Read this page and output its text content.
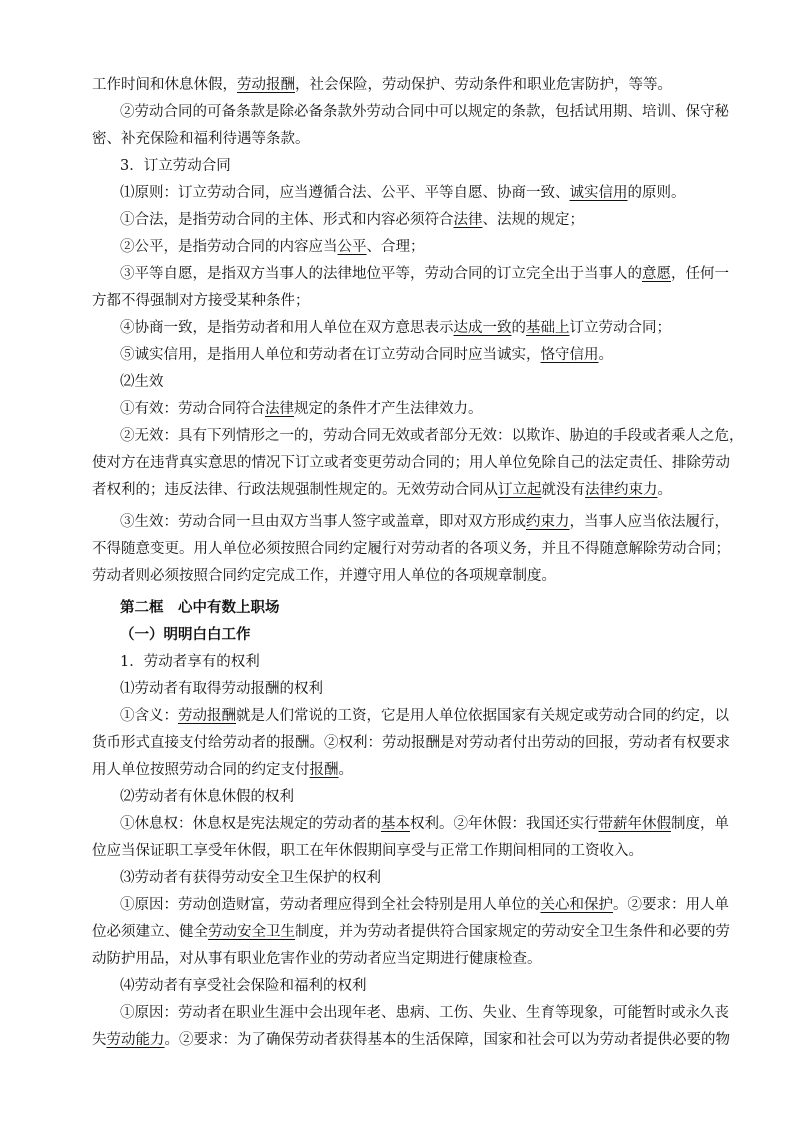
工作时间和休息休假，劳动报酬，社会保险，劳动保护、劳动条件和职业危害防护，等等。
②劳动合同的可备条款是除必备条款外劳动合同中可以规定的条款，包括试用期、培训、保守秘
密、补充保险和福利待遇等条款。
3．订立劳动合同
⑴原则：订立劳动合同，应当遵循合法、公平、平等自愿、协商一致、诚实信用的原则。
①合法，是指劳动合同的主体、形式和内容必须符合法律、法规的规定；
②公平，是指劳动合同的内容应当公平、合理；
③平等自愿，是指双方当事人的法律地位平等，劳动合同的订立完全出于当事人的意愿，任何一
方都不得强制对方接受某种条件；
④协商一致，是指劳动者和用人单位在双方意思表示达成一致的基础上订立劳动合同；
⑤诚实信用，是指用人单位和劳动者在订立劳动合同时应当诚实，恪守信用。
⑵生效
①有效：劳动合同符合法律规定的条件才产生法律效力。
②无效：具有下列情形之一的，劳动合同无效或者部分无效：以欺诈、胁迫的手段或者乘人之危，
使对方在违背真实意思的情况下订立或者变更劳动合同的；用人单位免除自己的法定责任、排除劳动
者权利的；违反法律、行政法规强制性规定的。无效劳动合同从订立起就没有法律约束力。
③生效：劳动合同一旦由双方当事人签字或盖章，即对双方形成约束力，当事人应当依法履行，
不得随意变更。用人单位必须按照合同约定履行对劳动者的各项义务，并且不得随意解除劳动合同；
劳动者则必须按照合同约定完成工作，并遵守用人单位的各项规章制度。
第二框　心中有数上职场
（一）明明白白工作
1．劳动者享有的权利
⑴劳动者有取得劳动报酬的权利
①含义：劳动报酬就是人们常说的工资，它是用人单位依据国家有关规定或劳动合同的约定，以
货币形式直接支付给劳动者的报酬。②权利：劳动报酬是对劳动者付出劳动的回报，劳动者有权要求
用人单位按照劳动合同的约定支付报酬。
⑵劳动者有休息休假的权利
①休息权：休息权是宪法规定的劳动者的基本权利。②年休假：我国还实行带薪年休假制度，单
位应当保证职工享受年休假，职工在年休假期间享受与正常工作期间相同的工资收入。
⑶劳动者有获得劳动安全卫生保护的权利
①原因：劳动创造财富，劳动者理应得到全社会特别是用人单位的关心和保护。②要求：用人单
位必须建立、健全劳动安全卫生制度，并为劳动者提供符合国家规定的劳动安全卫生条件和必要的劳
动防护用品，对从事有职业危害作业的劳动者应当定期进行健康检查。
⑷劳动者有享受社会保险和福利的权利
①原因：劳动者在职业生涯中会出现年老、患病、工伤、失业、生育等现象，可能暂时或永久丧
失劳动能力。②要求：为了确保劳动者获得基本的生活保障，国家和社会可以为劳动者提供必要的物
